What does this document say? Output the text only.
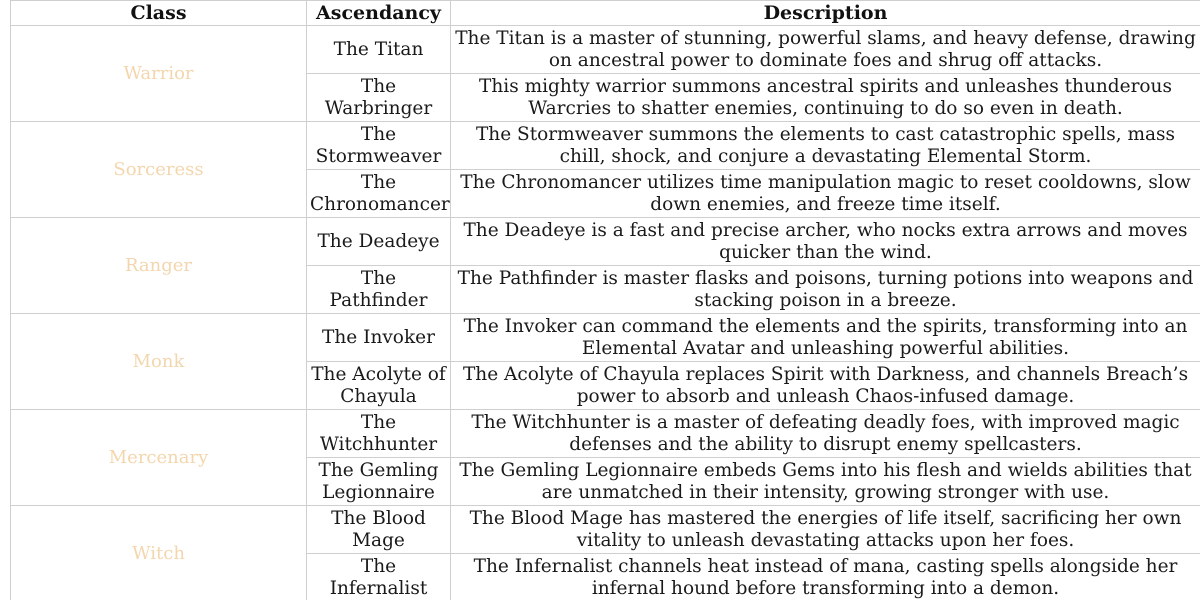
Class	Ascendancy	Description
Warrior	The Titan	The Titan is a master of stunning, powerful slams, and heavy defense, drawing on ancestral power to dominate foes and shrug off attacks.
	The Warbringer	This mighty warrior summons ancestral spirits and unleashes thunderous Warcries to shatter enemies, continuing to do so even in death.
Sorceress	The Stormweaver	The Stormweaver summons the elements to cast catastrophic spells, mass chill, shock, and conjure a devastating Elemental Storm.
	The Chronomancer	The Chronomancer utilizes time manipulation magic to reset cooldowns, slow down enemies, and freeze time itself.
Ranger	The Deadeye	The Deadeye is a fast and precise archer, who nocks extra arrows and moves quicker than the wind.
	The Pathfinder	The Pathfinder is master flasks and poisons, turning potions into weapons and stacking poison in a breeze.
Monk	The Invoker	The Invoker can command the elements and the spirits, transforming into an Elemental Avatar and unleashing powerful abilities.
	The Acolyte of Chayula	The Acolyte of Chayula replaces Spirit with Darkness, and channels Breach’s power to absorb and unleash Chaos-infused damage.
Mercenary	The Witchhunter	The Witchhunter is a master of defeating deadly foes, with improved magic defenses and the ability to disrupt enemy spellcasters.
	The Gemling Legionnaire	The Gemling Legionnaire embeds Gems into his flesh and wields abilities that are unmatched in their intensity, growing stronger with use.
Witch	The Blood Mage	The Blood Mage has mastered the energies of life itself, sacrificing her own vitality to unleash devastating attacks upon her foes.
	The Infernalist	The Infernalist channels heat instead of mana, casting spells alongside her infernal hound before transforming into a demon.
